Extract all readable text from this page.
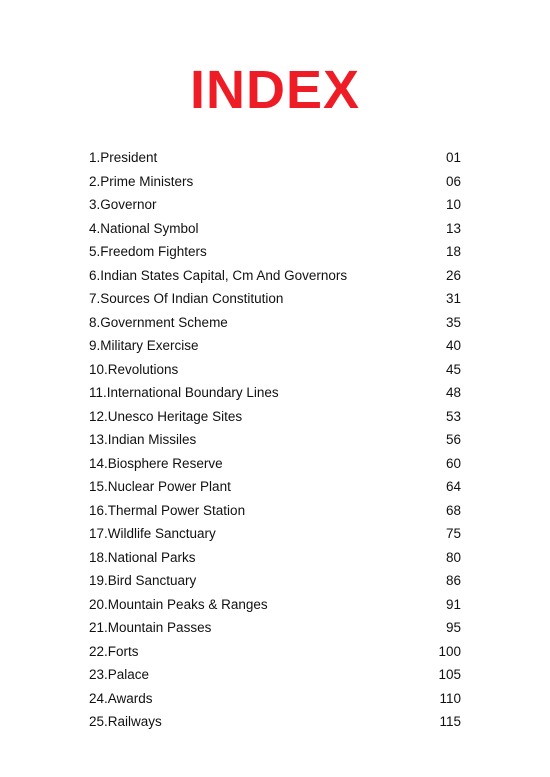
INDEX
1.President	01
2.Prime Ministers	06
3.Governor	10
4.National Symbol	13
5.Freedom Fighters	18
6.Indian States Capital, Cm And Governors	26
7.Sources Of Indian Constitution	31
8.Government Scheme	35
9.Military Exercise	40
10.Revolutions	45
11.International Boundary Lines	48
12.Unesco Heritage Sites	53
13.Indian Missiles	56
14.Biosphere Reserve	60
15.Nuclear Power Plant	64
16.Thermal Power Station	68
17.Wildlife Sanctuary	75
18.National Parks	80
19.Bird Sanctuary	86
20.Mountain Peaks & Ranges	91
21.Mountain Passes	95
22.Forts	100
23.Palace	105
24.Awards	110
25.Railways	115
